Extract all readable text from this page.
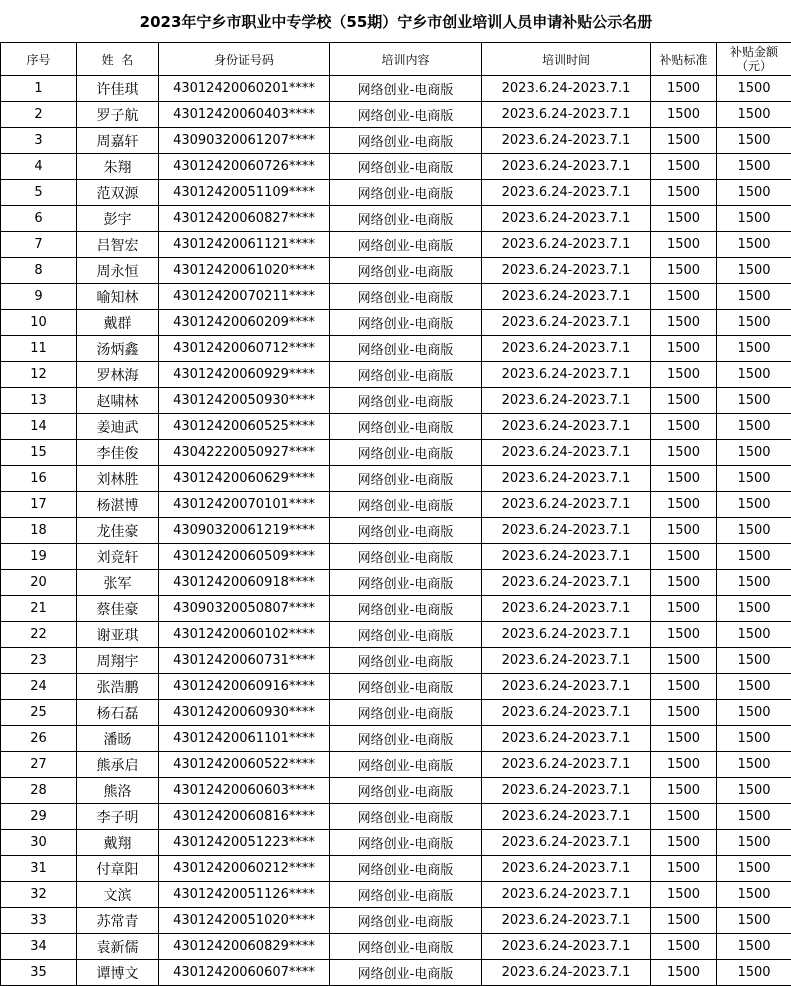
2023年宁乡市职业中专学校（55期）宁乡市创业培训人员申请补贴公示名册						
序号	姓  名	身份证号码	培训内容	培训时间	补贴标准	补贴金额（元）
1	许佳琪	43012420060201****	网络创业-电商版	2023.6.24-2023.7.1	1500	1500
2	罗子航	43012420060403****	网络创业-电商版	2023.6.24-2023.7.1	1500	1500
3	周嘉轩	43090320061207****	网络创业-电商版	2023.6.24-2023.7.1	1500	1500
4	朱翔	43012420060726****	网络创业-电商版	2023.6.24-2023.7.1	1500	1500
5	范双源	43012420051109****	网络创业-电商版	2023.6.24-2023.7.1	1500	1500
6	彭宇	43012420060827****	网络创业-电商版	2023.6.24-2023.7.1	1500	1500
7	吕智宏	43012420061121****	网络创业-电商版	2023.6.24-2023.7.1	1500	1500
8	周永恒	43012420061020****	网络创业-电商版	2023.6.24-2023.7.1	1500	1500
9	喻知林	43012420070211****	网络创业-电商版	2023.6.24-2023.7.1	1500	1500
10	戴群	43012420060209****	网络创业-电商版	2023.6.24-2023.7.1	1500	1500
11	汤炳鑫	43012420060712****	网络创业-电商版	2023.6.24-2023.7.1	1500	1500
12	罗林海	43012420060929****	网络创业-电商版	2023.6.24-2023.7.1	1500	1500
13	赵啸林	43012420050930****	网络创业-电商版	2023.6.24-2023.7.1	1500	1500
14	姜迪武	43012420060525****	网络创业-电商版	2023.6.24-2023.7.1	1500	1500
15	李佳俊	43042220050927****	网络创业-电商版	2023.6.24-2023.7.1	1500	1500
16	刘林胜	43012420060629****	网络创业-电商版	2023.6.24-2023.7.1	1500	1500
17	杨湛博	43012420070101****	网络创业-电商版	2023.6.24-2023.7.1	1500	1500
18	龙佳豪	43090320061219****	网络创业-电商版	2023.6.24-2023.7.1	1500	1500
19	刘竞轩	43012420060509****	网络创业-电商版	2023.6.24-2023.7.1	1500	1500
20	张军	43012420060918****	网络创业-电商版	2023.6.24-2023.7.1	1500	1500
21	蔡佳豪	43090320050807****	网络创业-电商版	2023.6.24-2023.7.1	1500	1500
22	谢亚琪	43012420060102****	网络创业-电商版	2023.6.24-2023.7.1	1500	1500
23	周翔宇	43012420060731****	网络创业-电商版	2023.6.24-2023.7.1	1500	1500
24	张浩鹏	43012420060916****	网络创业-电商版	2023.6.24-2023.7.1	1500	1500
25	杨石磊	43012420060930****	网络创业-电商版	2023.6.24-2023.7.1	1500	1500
26	潘旸	43012420061101****	网络创业-电商版	2023.6.24-2023.7.1	1500	1500
27	熊承启	43012420060522****	网络创业-电商版	2023.6.24-2023.7.1	1500	1500
28	熊洛	43012420060603****	网络创业-电商版	2023.6.24-2023.7.1	1500	1500
29	李子明	43012420060816****	网络创业-电商版	2023.6.24-2023.7.1	1500	1500
30	戴翔	43012420051223****	网络创业-电商版	2023.6.24-2023.7.1	1500	1500
31	付章阳	43012420060212****	网络创业-电商版	2023.6.24-2023.7.1	1500	1500
32	文滨	43012420051126****	网络创业-电商版	2023.6.24-2023.7.1	1500	1500
33	苏常青	43012420051020****	网络创业-电商版	2023.6.24-2023.7.1	1500	1500
34	袁新儒	43012420060829****	网络创业-电商版	2023.6.24-2023.7.1	1500	1500
35	谭博文	43012420060607****	网络创业-电商版	2023.6.24-2023.7.1	1500	1500
